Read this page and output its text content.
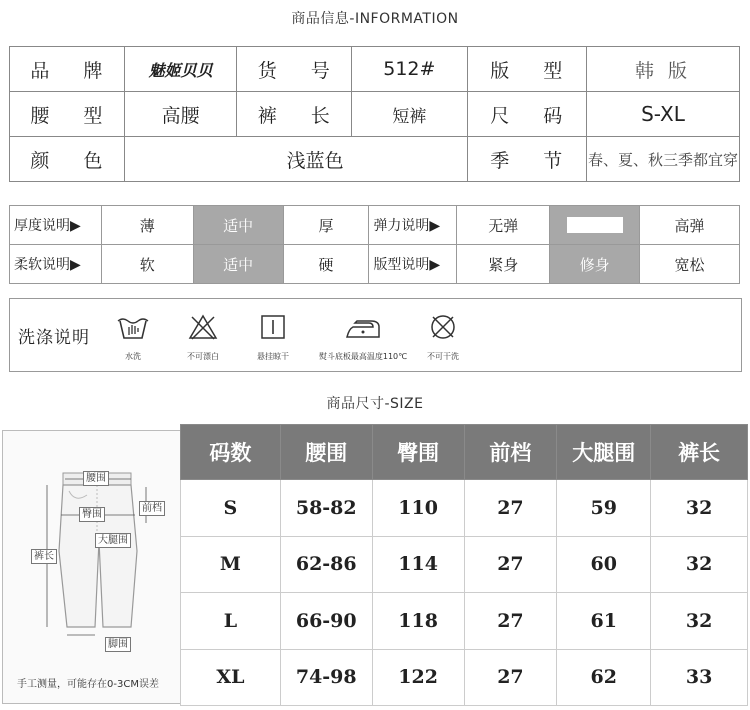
商品信息-INFORMATION
品 牌	魅姬贝贝	货 号	512#	版 型	韩 版
腰 型	高腰	裤 长	短裤	尺 码	S-XL
颜 色	浅蓝色			季 节	春、夏、秋三季都宜穿
厚度说明▶	薄	适中	厚	弹力说明▶	无弹		高弹
柔软说明▶	软	适中	硬	版型说明▶	紧身	修身	宽松
洗涤说明
水洗	不可漂白	悬挂晾干	熨斗底板最高温度110℃	不可干洗
商品尺寸-SIZE
腰围
臀围
前档
大腿围
裤长
脚围
手工测量，可能存在0-3CM误差
码数	腰围	臀围	前档	大腿围	裤长
S	58-82	110	27	59	32
M	62-86	114	27	60	32
L	66-90	118	27	61	32
XL	74-98	122	27	62	33
